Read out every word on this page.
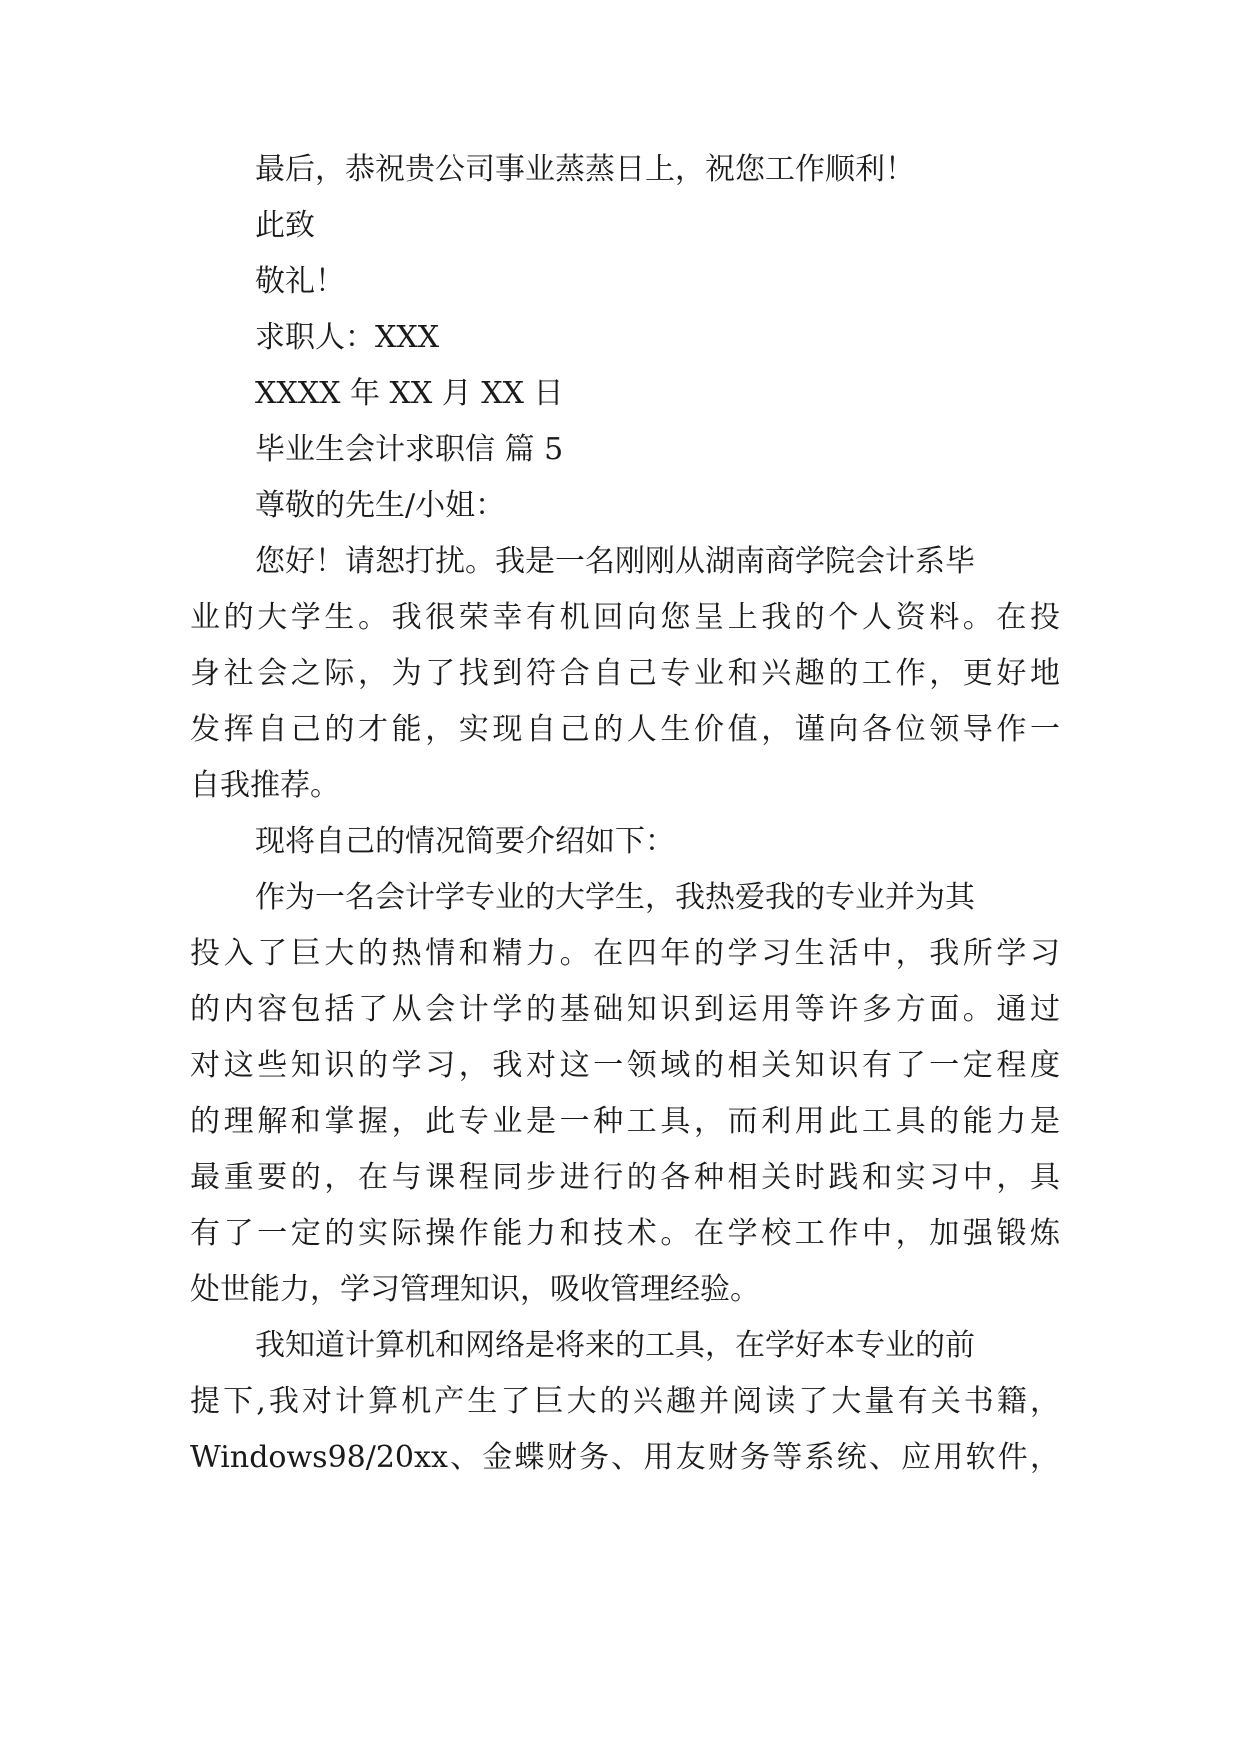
最后，恭祝贵公司事业蒸蒸日上，祝您工作顺利！

此致

敬礼！

求职人：XXX

XXXX 年 XX 月 XX 日

毕业生会计求职信 篇 5

尊敬的先生/小姐：

您好！请恕打扰。我是一名刚刚从湖南商学院会计系毕

业的大学生。我很荣幸有机回向您呈上我的个人资料。在投

身社会之际，为了找到符合自己专业和兴趣的工作，更好地

发挥自己的才能，实现自己的人生价值，谨向各位领导作一

自我推荐。

现将自己的情况简要介绍如下：

作为一名会计学专业的大学生，我热爱我的专业并为其

投入了巨大的热情和精力。在四年的学习生活中，我所学习

的内容包括了从会计学的基础知识到运用等许多方面。通过

对这些知识的学习，我对这一领域的相关知识有了一定程度

的理解和掌握，此专业是一种工具，而利用此工具的能力是

最重要的，在与课程同步进行的各种相关时践和实习中，具

有了一定的实际操作能力和技术。在学校工作中，加强锻炼

处世能力，学习管理知识，吸收管理经验。

我知道计算机和网络是将来的工具，在学好本专业的前

提下,我对计算机产生了巨大的兴趣并阅读了大量有关书籍，

Windows98/20xx、金蝶财务、用友财务等系统、应用软件，
